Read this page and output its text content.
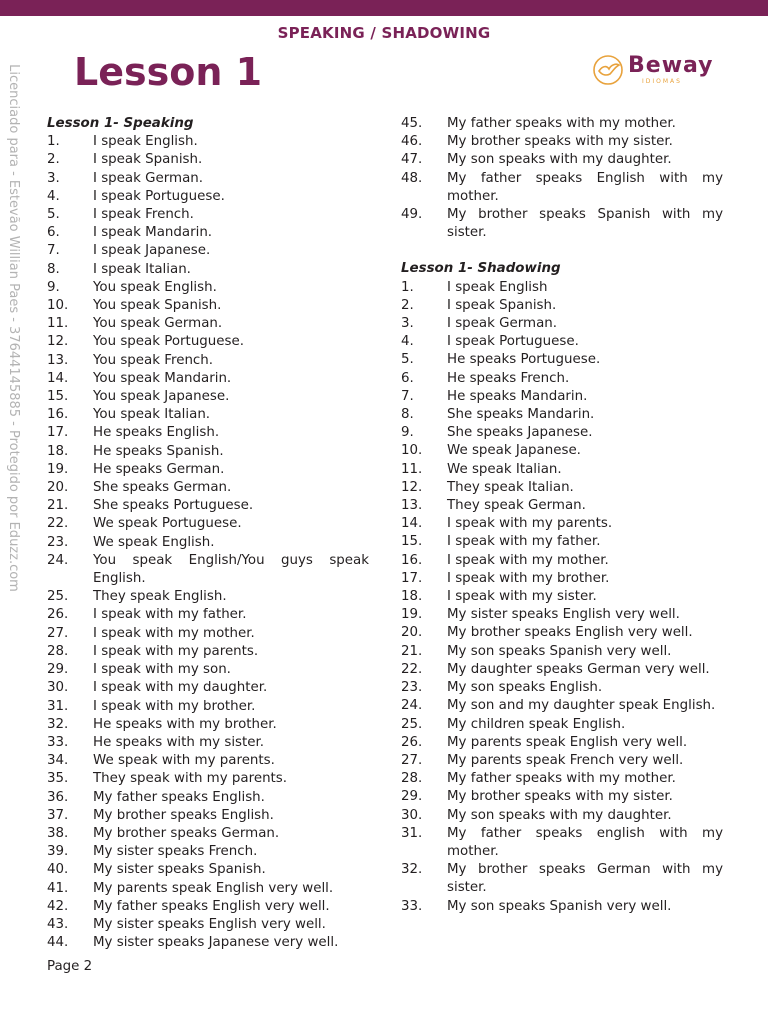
SPEAKING / SHADOWING
Lesson 1	Beway
IDIOMAS
Licenciado para - Estevão Willian Paes - 37644145885 - Protegido por Eduzz.com Lesson 1- Speaking

1. I speak English.

2. I speak Spanish.

3. I speak German.

4. I speak Portuguese.

5. I speak French.

6. I speak Mandarin.

7. I speak Japanese.

8. I speak Italian.

9. You speak English.

10. You speak Spanish.

11. You speak German.

12. You speak Portuguese.

13. You speak French.

14. You speak Mandarin.

15. You speak Japanese.

16. You speak Italian.

17. He speaks English.

18. He speaks Spanish.

19. He speaks German.

20. She speaks German.

21. She speaks Portuguese.

22. We speak Portuguese.

23. We speak English.

24. You speak English/You guys speak English.

25. They speak English.

26. I speak with my father.

27. I speak with my mother.

28. I speak with my parents.

29. I speak with my son.

30. I speak with my daughter.

31. I speak with my brother.

32. He speaks with my brother.

33. He speaks with my sister.

34. We speak with my parents.

35. They speak with my parents.

36. My father speaks English.

37. My brother speaks English.

38. My brother speaks German.

39. My sister speaks French.

40. My sister speaks Spanish.

41. My parents speak English very well.

42. My father speaks English very well.

43. My sister speaks English very well.

44. My sister speaks Japanese very well.

45. My father speaks with my mother.

46. My brother speaks with my sister.

47. My son speaks with my daughter.

48. My father speaks English with my mother.

49. My brother speaks Spanish with my sister.

Lesson 1- Shadowing

1. I speak English

2. I speak Spanish.

3. I speak German.

4. I speak Portuguese.

5. He speaks Portuguese.

6. He speaks French.

7. He speaks Mandarin.

8. She speaks Mandarin.

9. She speaks Japanese.

10. We speak Japanese.

11. We speak Italian.

12. They speak Italian.

13. They speak German.

14. I speak with my parents.

15. I speak with my father.

16. I speak with my mother.

17. I speak with my brother.

18. I speak with my sister.

19. My sister speaks English very well.

20. My brother speaks English very well.

21. My son speaks Spanish very well.

22. My daughter speaks German very well.

23. My son speaks English.

24. My son and my daughter speak English.

25. My children speak English.

26. My parents speak English very well.

27. My parents speak French very well.

28. My father speaks with my mother.

29. My brother speaks with my sister.

30. My son speaks with my daughter.

31. My father speaks english with my mother.

32. My brother speaks German with my sister.

33. My son speaks Spanish very well.

Page 2
